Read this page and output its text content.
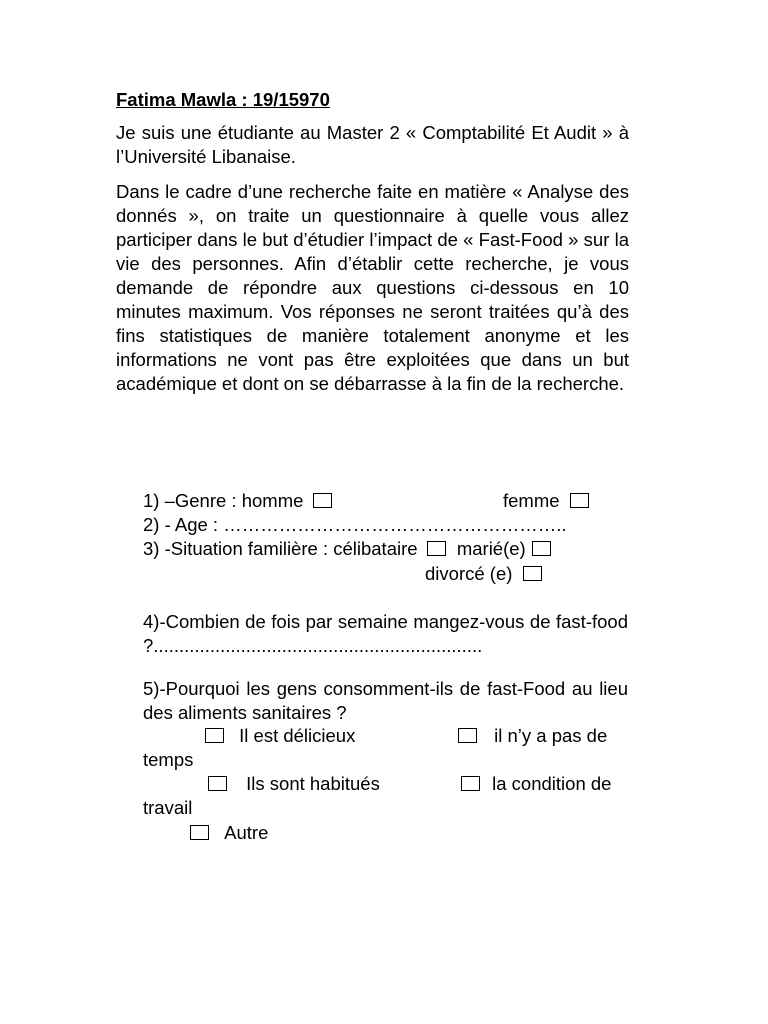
Fatima Mawla : 19/15970
Je suis une étudiante au Master 2 « Comptabilité Et Audit » à l’Université Libanaise.
Dans le cadre d’une recherche faite en matière « Analyse des donnés », on traite un questionnaire à quelle vous allez participer dans le but d’étudier l’impact de « Fast-Food » sur la vie des personnes. Afin d’établir cette recherche, je vous demande de répondre aux questions ci-dessous en 10 minutes maximum. Vos réponses ne seront traitées qu’à des fins statistiques de manière totalement anonyme et les informations ne vont pas être exploitées que dans un but académique et dont on se débarrasse à la fin de la recherche.
1) –Genre : homme	femme
2) - Age : ………………………………………………..
3) -Situation familière : célibataire marié(e)
divorcé (e)
4)-Combien de fois par semaine mangez-vous de fast-food ?................................................................
5)-Pourquoi les gens consomment-ils de fast-Food au lieu des aliments sanitaires ?
Il est délicieux	il n’y a pas de
temps
Ils sont habitués	la condition de
travail
Autre
